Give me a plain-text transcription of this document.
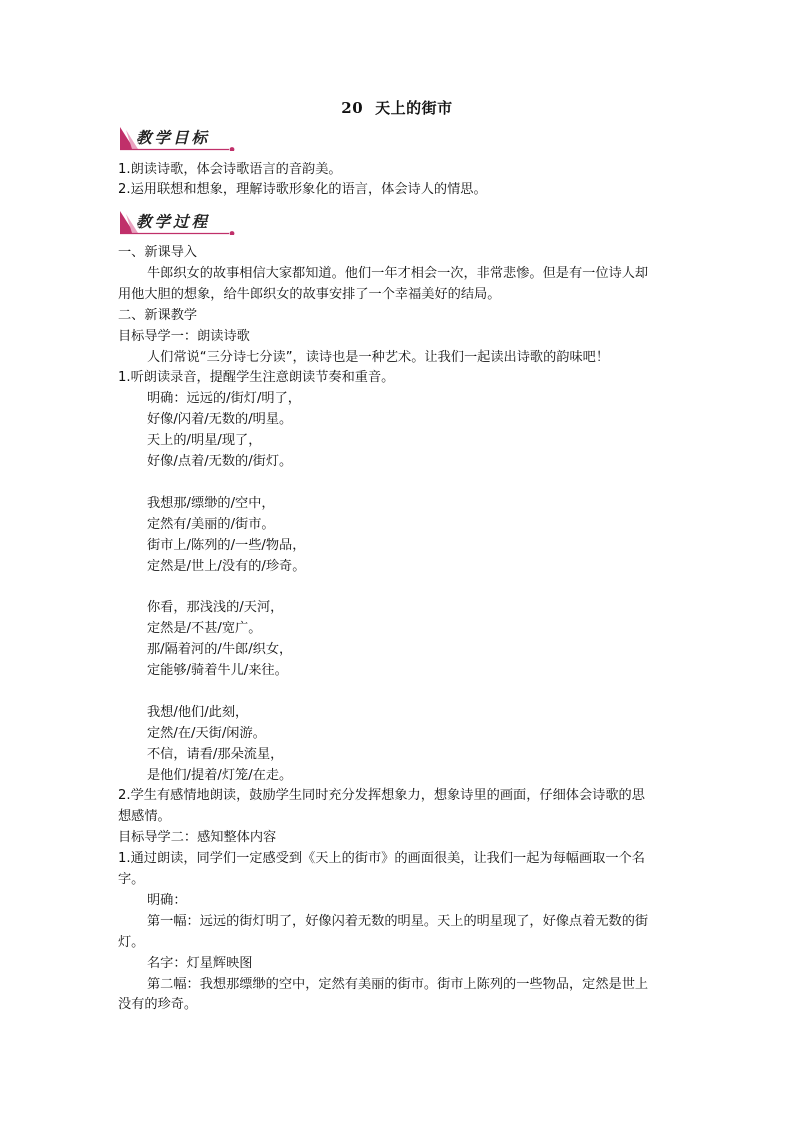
20 天上的街市
教学目标
1.朗读诗歌，体会诗歌语言的音韵美。
2.运用联想和想象，理解诗歌形象化的语言，体会诗人的情思。
教学过程
一、新课导入
牛郎织女的故事相信大家都知道。他们一年才相会一次，非常悲惨。但是有一位诗人却
用他大胆的想象，给牛郎织女的故事安排了一个幸福美好的结局。
二、新课教学
目标导学一：朗读诗歌
人们常说“三分诗七分读”，读诗也是一种艺术。让我们一起读出诗歌的韵味吧！
1.听朗读录音，提醒学生注意朗读节奏和重音。
明确：远远的/街灯/明了，
好像/闪着/无数的/明星。
天上的/明星/现了，
好像/点着/无数的/街灯。
我想那/缥缈的/空中，
定然有/美丽的/街市。
街市上/陈列的/一些/物品，
定然是/世上/没有的/珍奇。
你看，那浅浅的/天河，
定然是/不甚/宽广。
那/隔着河的/牛郎/织女，
定能够/骑着牛儿/来往。
我想/他们/此刻，
定然/在/天街/闲游。
不信，请看/那朵流星，
是他们/提着/灯笼/在走。
2.学生有感情地朗读，鼓励学生同时充分发挥想象力，想象诗里的画面，仔细体会诗歌的思
想感情。
目标导学二：感知整体内容
1.通过朗读，同学们一定感受到《天上的街市》的画面很美，让我们一起为每幅画取一个名
字。
明确：
第一幅：远远的街灯明了，好像闪着无数的明星。天上的明星现了，好像点着无数的街
灯。
名字：灯星辉映图
第二幅：我想那缥缈的空中，定然有美丽的街市。街市上陈列的一些物品，定然是世上
没有的珍奇。
